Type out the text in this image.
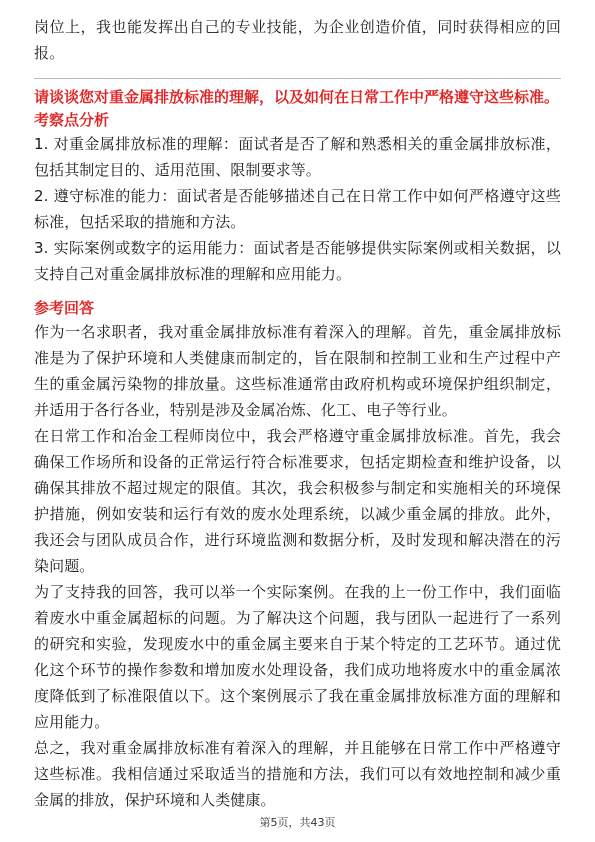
岗位上，我也能发挥出自己的专业技能，为企业创造价值，同时获得相应的回报。

请谈谈您对重金属排放标准的理解，以及如何在日常工作中严格遵守这些标准。
考察点分析

1. 对重金属排放标准的理解：面试者是否了解和熟悉相关的重金属排放标准，包括其制定目的、适用范围、限制要求等。

2. 遵守标准的能力：面试者是否能够描述自己在日常工作中如何严格遵守这些标准，包括采取的措施和方法。

3. 实际案例或数字的运用能力：面试者是否能够提供实际案例或相关数据，以支持自己对重金属排放标准的理解和应用能力。

参考回答

作为一名求职者，我对重金属排放标准有着深入的理解。首先，重金属排放标准是为了保护环境和人类健康而制定的，旨在限制和控制工业和生产过程中产生的重金属污染物的排放量。这些标准通常由政府机构或环境保护组织制定，并适用于各行各业，特别是涉及金属冶炼、化工、电子等行业。

在日常工作和冶金工程师岗位中，我会严格遵守重金属排放标准。首先，我会确保工作场所和设备的正常运行符合标准要求，包括定期检查和维护设备，以确保其排放不超过规定的限值。其次，我会积极参与制定和实施相关的环境保护措施，例如安装和运行有效的废水处理系统，以减少重金属的排放。此外，我还会与团队成员合作，进行环境监测和数据分析，及时发现和解决潜在的污染问题。

为了支持我的回答，我可以举一个实际案例。在我的上一份工作中，我们面临着废水中重金属超标的问题。为了解决这个问题，我与团队一起进行了一系列的研究和实验，发现废水中的重金属主要来自于某个特定的工艺环节。通过优化这个环节的操作参数和增加废水处理设备，我们成功地将废水中的重金属浓度降低到了标准限值以下。这个案例展示了我在重金属排放标准方面的理解和应用能力。

总之，我对重金属排放标准有着深入的理解，并且能够在日常工作中严格遵守这些标准。我相信通过采取适当的措施和方法，我们可以有效地控制和减少重金属的排放，保护环境和人类健康。

第5页，共43页
